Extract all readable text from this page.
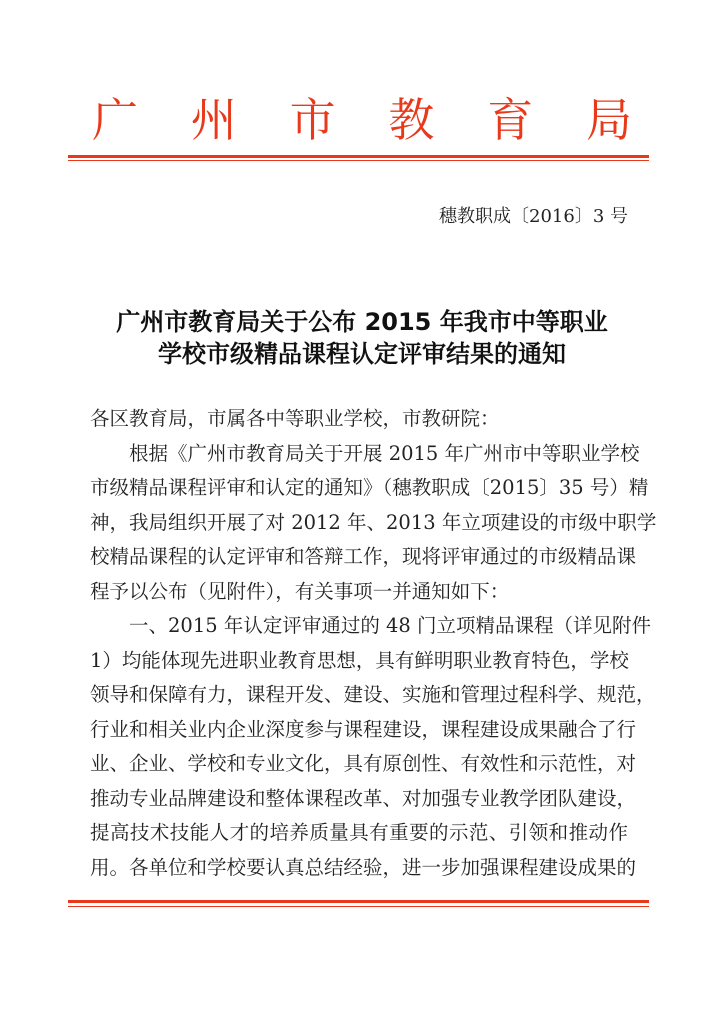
广 州 市 教 育 局
穗教职成〔2016〕3 号
广州市教育局关于公布 2015 年我市中等职业
学校市级精品课程认定评审结果的通知
各区教育局，市属各中等职业学校，市教研院：
根据《广州市教育局关于开展 2015 年广州市中等职业学校
市级精品课程评审和认定的通知》（穗教职成〔2015〕35 号）精
神，我局组织开展了对 2012 年、2013 年立项建设的市级中职学
校精品课程的认定评审和答辩工作，现将评审通过的市级精品课
程予以公布（见附件），有关事项一并通知如下：
一、2015 年认定评审通过的 48 门立项精品课程（详见附件
1）均能体现先进职业教育思想，具有鲜明职业教育特色，学校
领导和保障有力，课程开发、建设、实施和管理过程科学、规范，
行业和相关业内企业深度参与课程建设，课程建设成果融合了行
业、企业、学校和专业文化，具有原创性、有效性和示范性，对
推动专业品牌建设和整体课程改革、对加强专业教学团队建设，
提高技术技能人才的培养质量具有重要的示范、引领和推动作
用。各单位和学校要认真总结经验，进一步加强课程建设成果的
